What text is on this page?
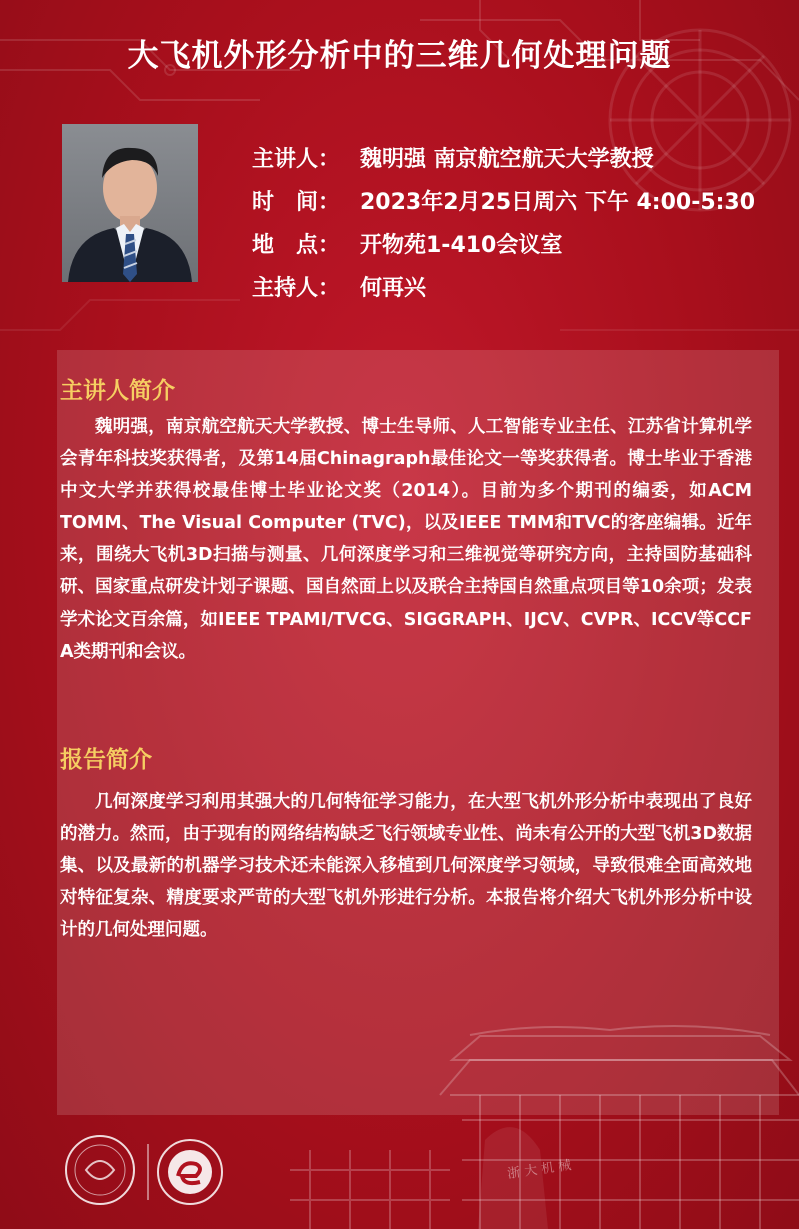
大飞机外形分析中的三维几何处理问题
主讲人： 魏明强 南京航空航天大学教授
时　间： 2023年2月25日周六 下午 4:00-5:30
地　点： 开物苑1-410会议室
主持人： 何再兴
浙 大 机 械
主讲人简介

魏明强，南京航空航天大学教授、博士生导师、人工智能专业主任、江苏省计算机学会青年科技奖获得者，及第14届Chinagraph最佳论文一等奖获得者。博士毕业于香港中文大学并获得校最佳博士毕业论文奖（2014）。目前为多个期刊的编委，如ACM TOMM、The Visual Computer (TVC)，以及IEEE TMM和TVC的客座编辑。近年来，围绕大飞机3D扫描与测量、几何深度学习和三维视觉等研究方向，主持国防基础科研、国家重点研发计划子课题、国自然面上以及联合主持国自然重点项目等10余项；发表学术论文百余篇，如IEEE TPAMI/TVCG、SIGGRAPH、IJCV、CVPR、ICCV等CCF A类期刊和会议。

报告简介

几何深度学习利用其强大的几何特征学习能力，在大型飞机外形分析中表现出了良好的潜力。然而，由于现有的网络结构缺乏飞行领域专业性、尚未有公开的大型飞机3D数据集、以及最新的机器学习技术还未能深入移植到几何深度学习领域，导致很难全面高效地对特征复杂、精度要求严苛的大型飞机外形进行分析。本报告将介绍大飞机外形分析中设计的几何处理问题。
